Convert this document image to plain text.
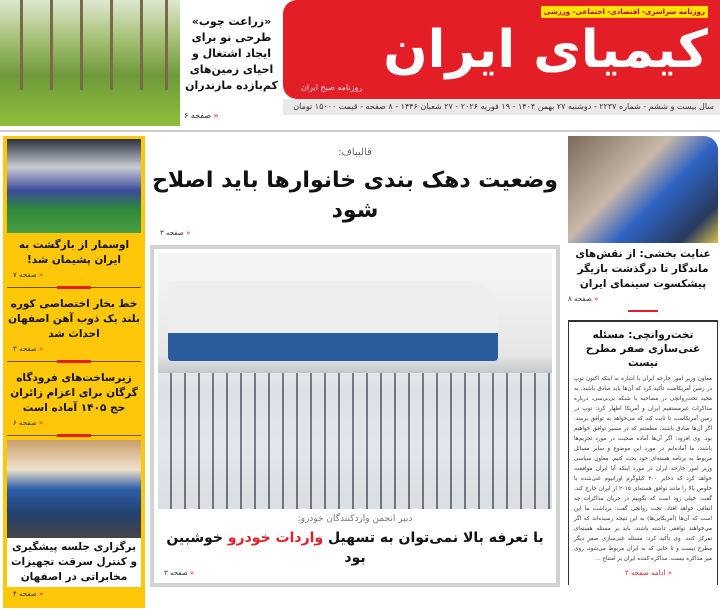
روزنامه سراسری- اقتصادی- اجتماعی- ورزشی
کیمیای ایران
روزنامه صبح ایران
سال بیست و ششم - شماره ۲۲۳۷ - دوشنبه ۲۷ بهمن ۱۴۰۴ - ۱۹ فوریه ۲۰۲۶ - ۲۷ شعبان ۱۴۴۶ - ۸ صفحه - قیمت ۱۵۰۰۰ تومان
«زراعت چوب» طرحی نو برای ایجاد اشتغال و احیای زمین‌های کم‌بازده مازندران
« صفحه ۶
عنایت بخشی: از نقش‌های ماندگار تا درگذشت بازیگر پیشکسوت سینمای ایران
« صفحه ۸
تخت‌روانچی: مسئله غنی‌سازی صفر مطرح نیست
معاون وزیر امور خارجه ایران با اشاره به اینکه اکنون توپ در زمین آمریکاست تأکید کرد که آن‌ها باید صادق باشند. به مجید تخت‌روانچی در مصاحبه با شبکه بی‌بی‌سی، درباره مذاکرات غیرمستقیم ایران و آمریکا اظهار کرد: توپ در زمین آمریکاست تا ثابت کند که می‌خواهد به توافق برسد. اگر آن‌ها صادق باشند، مطمئنم که در مسیر توافق خواهیم بود. وی افزود: اگر آن‌ها آماده صحبت در مورد تحریم‌ها باشند، ما آماده‌ایم در مورد این موضوع و سایر مسائل مربوط به برنامه هسته‌ای خود بحث کنیم. معاون سیاسی وزیر امور خارجه ایران در مورد اینکه آیا ایران موافقت خواهد کرد که ذخایر ۴۰۰ کیلوگرم اورانیوم غنی‌شده با خلوص بالا را مانند توافق هسته‌ای ۲۰۱۵ از ایران خارج کند، گفت: خیلی زود است که بگوییم در جریان مذاکرات چه اتفاقی خواهد افتاد. تخت روانچی گفت: برداشت ما این است که آن‌ها (آمریکایی‌ها) به این نتیجه رسیده‌اند که اگر می‌خواهند توافقی داشته باشند، باید بر مسئله هسته‌ای تمرکز کنند. وی تأکید کرد: مسئله غنی‌سازی صفر دیگر مطرح نیست و تا جایی که به ایران مربوط می‌شود، روی میز مذاکره نیست. مذاکره کننده ایران بر امتناع ...
« ادامه صفحه ۲
قالیباف:
وضعیت دهک بندی خانوارها باید اصلاح شود
« صفحه ۳
دبیر انجمن واردکنندگان خودرو:
با تعرفه بالا نمی‌توان به تسهیل واردات خودرو خوشبین بود
« صفحه ۳
اوسمار از بازگشت به ایران پشیمان شد!
« صفحه ۷
خط بخار اختصاصی کوره بلند یک ذوب آهن اصفهان احداث شد
« صفحه ۳
زیرساخت‌های فرودگاه گرگان برای اعزام زائران حج ۱۴۰۵ آماده است
« صفحه ۶
برگزاری جلسه پیشگیری و کنترل سرقت تجهیزات مخابراتی در اصفهان
« صفحه ۴
